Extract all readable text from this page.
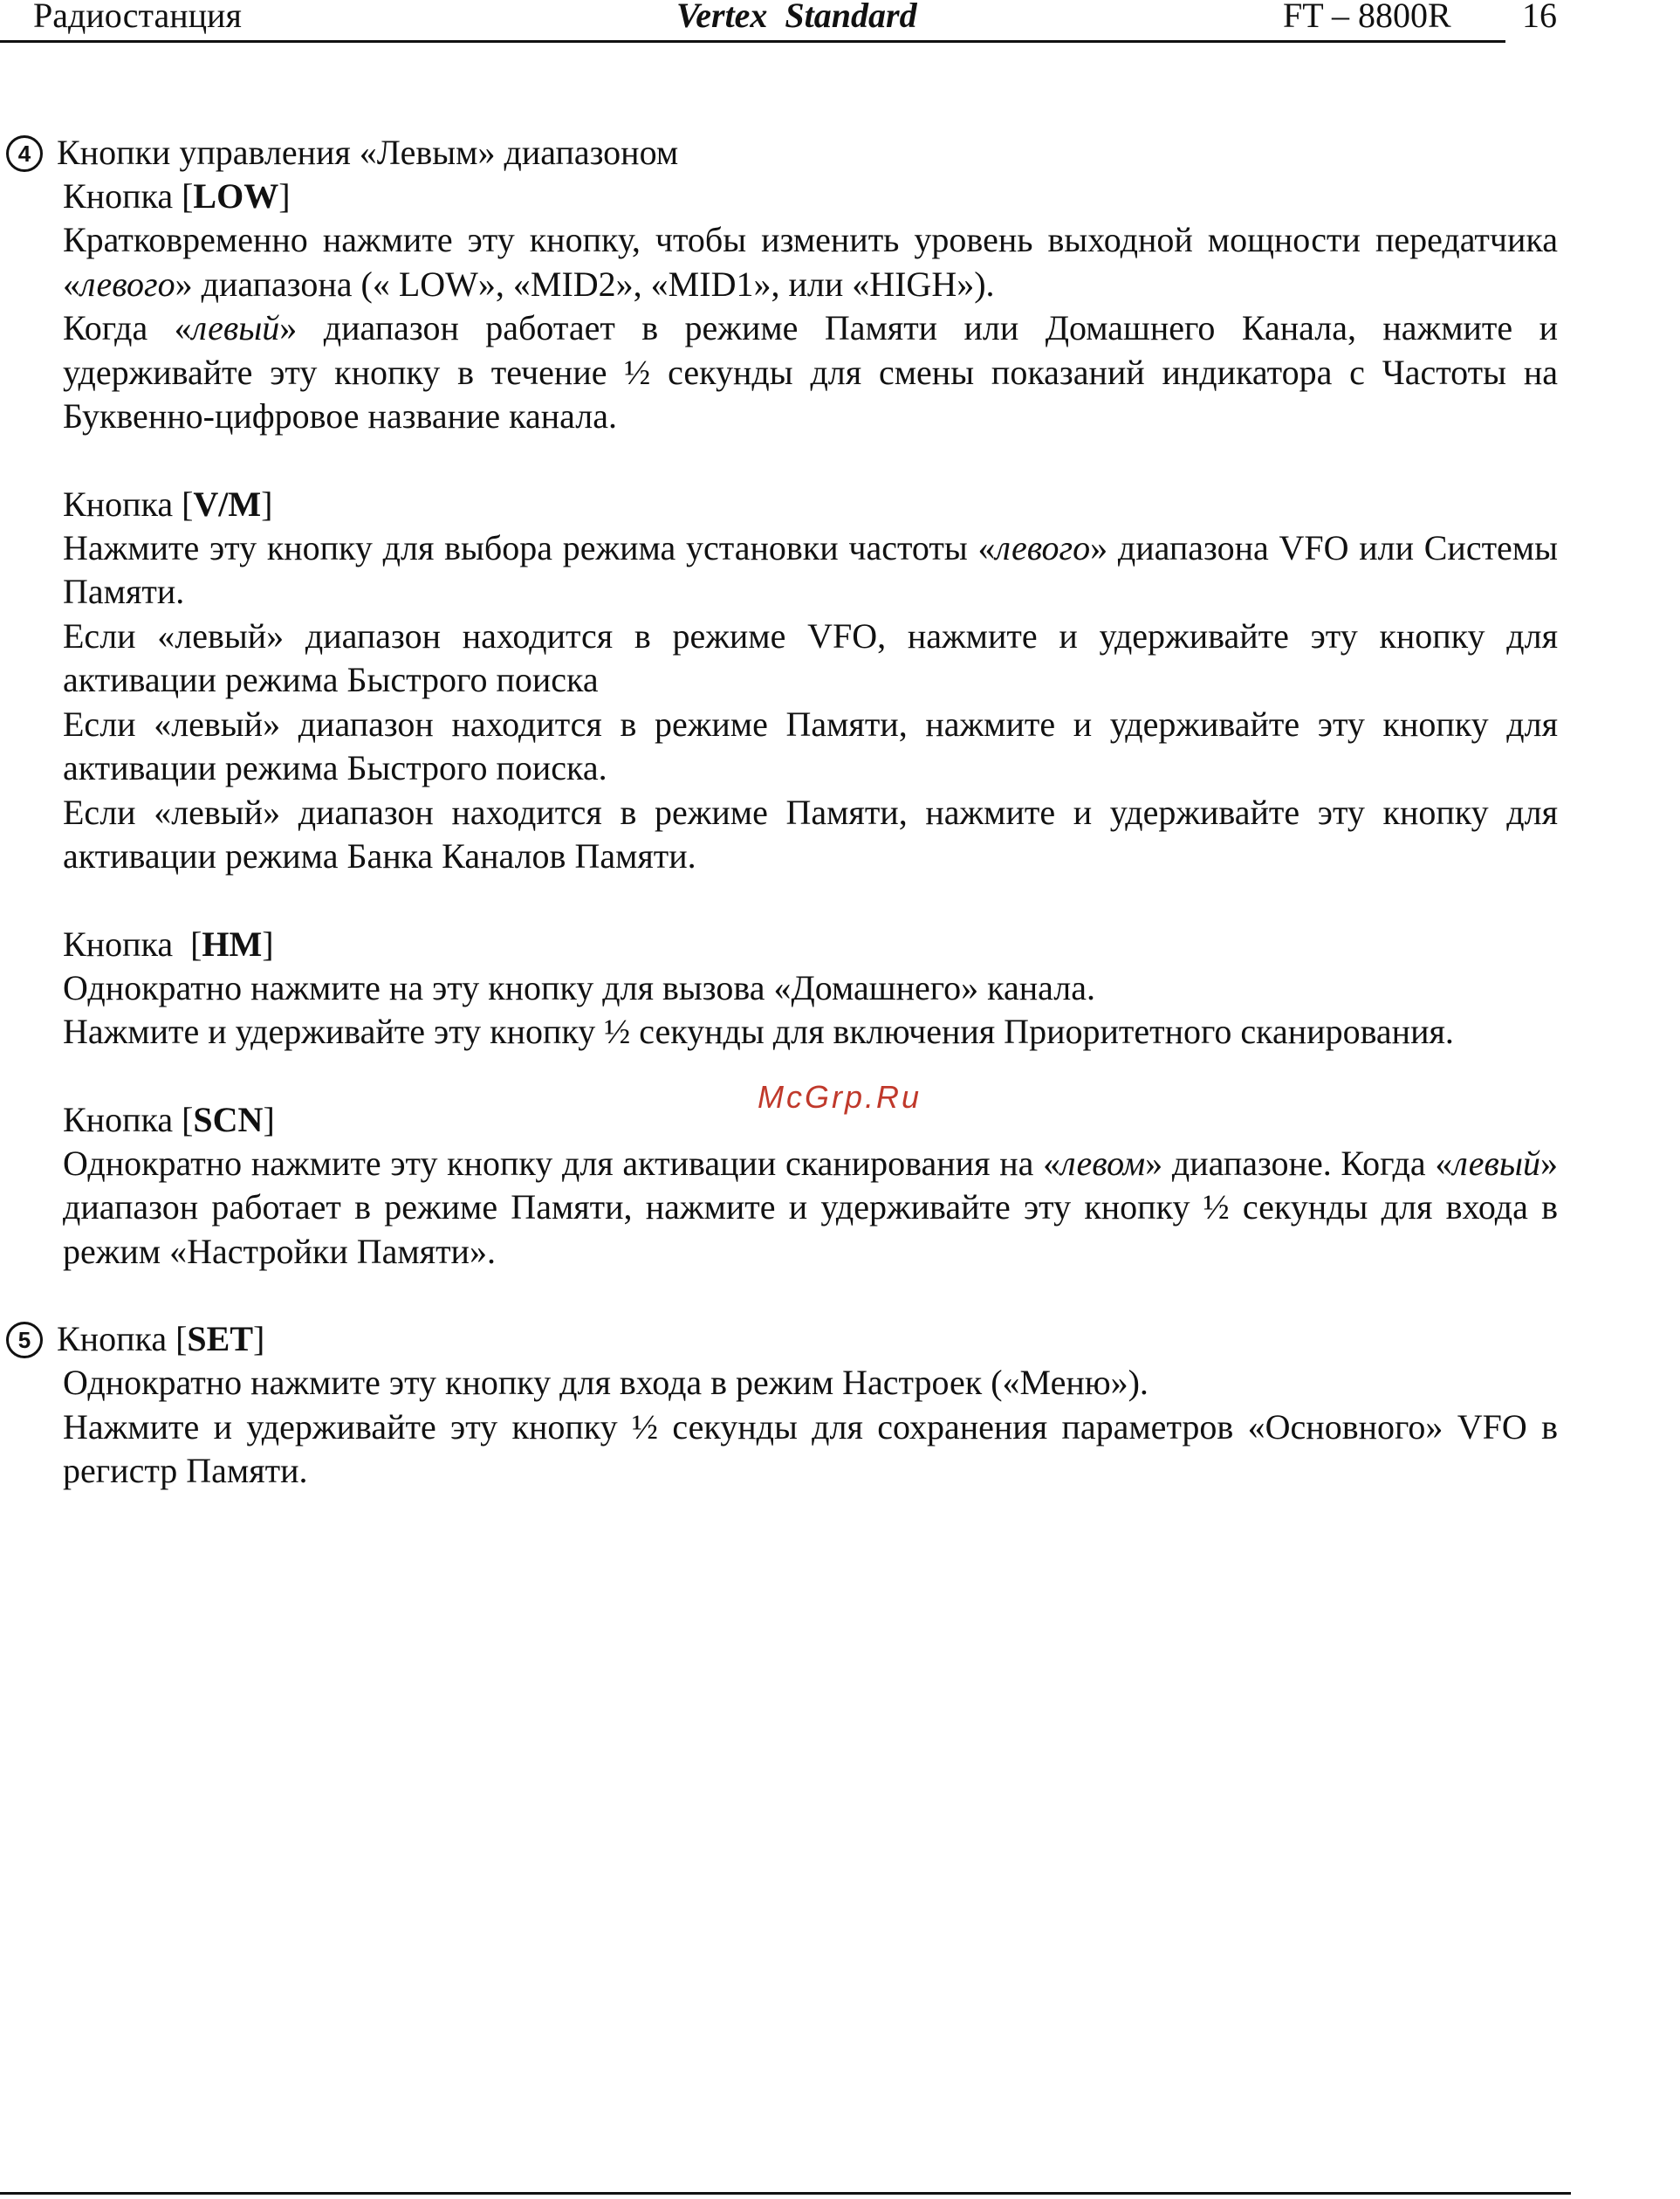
Радиостанция	Vertex Standard	FT – 8800R 16
4 Кнопки управления «Левым» диапазоном
Кнопка [LOW]

Кратковременно нажмите эту кнопку, чтобы изменить уровень выходной мощности передатчика «левого» диапазона (« LOW», «MID2», «MID1», или «HIGH»).

Когда «левый» диапазон работает в режиме Памяти или Домашнего Канала, нажмите и удерживайте эту кнопку в течение ½ секунды для смены показаний индикатора с Частоты на Буквенно-цифровое название канала.

Кнопка [V/M]

Нажмите эту кнопку для выбора режима установки частоты «левого» диапазона VFO или Системы Памяти.

Если «левый» диапазон находится в режиме VFO, нажмите и удерживайте эту кнопку для активации режима Быстрого поиска

Если «левый» диапазон находится в режиме Памяти, нажмите и удерживайте эту кнопку для активации режима Быстрого поиска.

Если «левый» диапазон находится в режиме Памяти, нажмите и удерживайте эту кнопку для активации режима Банка Каналов Памяти.

Кнопка  [HM]

Однократно нажмите на эту кнопку для вызова «Домашнего» канала.

Нажмите и удерживайте эту кнопку ½ секунды для включения Приоритетного сканирования.

Кнопка [SCN]

Однократно нажмите эту кнопку для активации сканирования на «левом» диапазоне. Когда «левый» диапазон работает в режиме Памяти, нажмите и удерживайте эту кнопку ½ секунды для входа в режим «Настройки Памяти».

5 Кнопка [SET]

Однократно нажмите эту кнопку для входа в режим Настроек («Меню»).

Нажмите и удерживайте эту кнопку ½ секунды для сохранения параметров «Основного» VFO в регистр Памяти.

McGrp.Ru
